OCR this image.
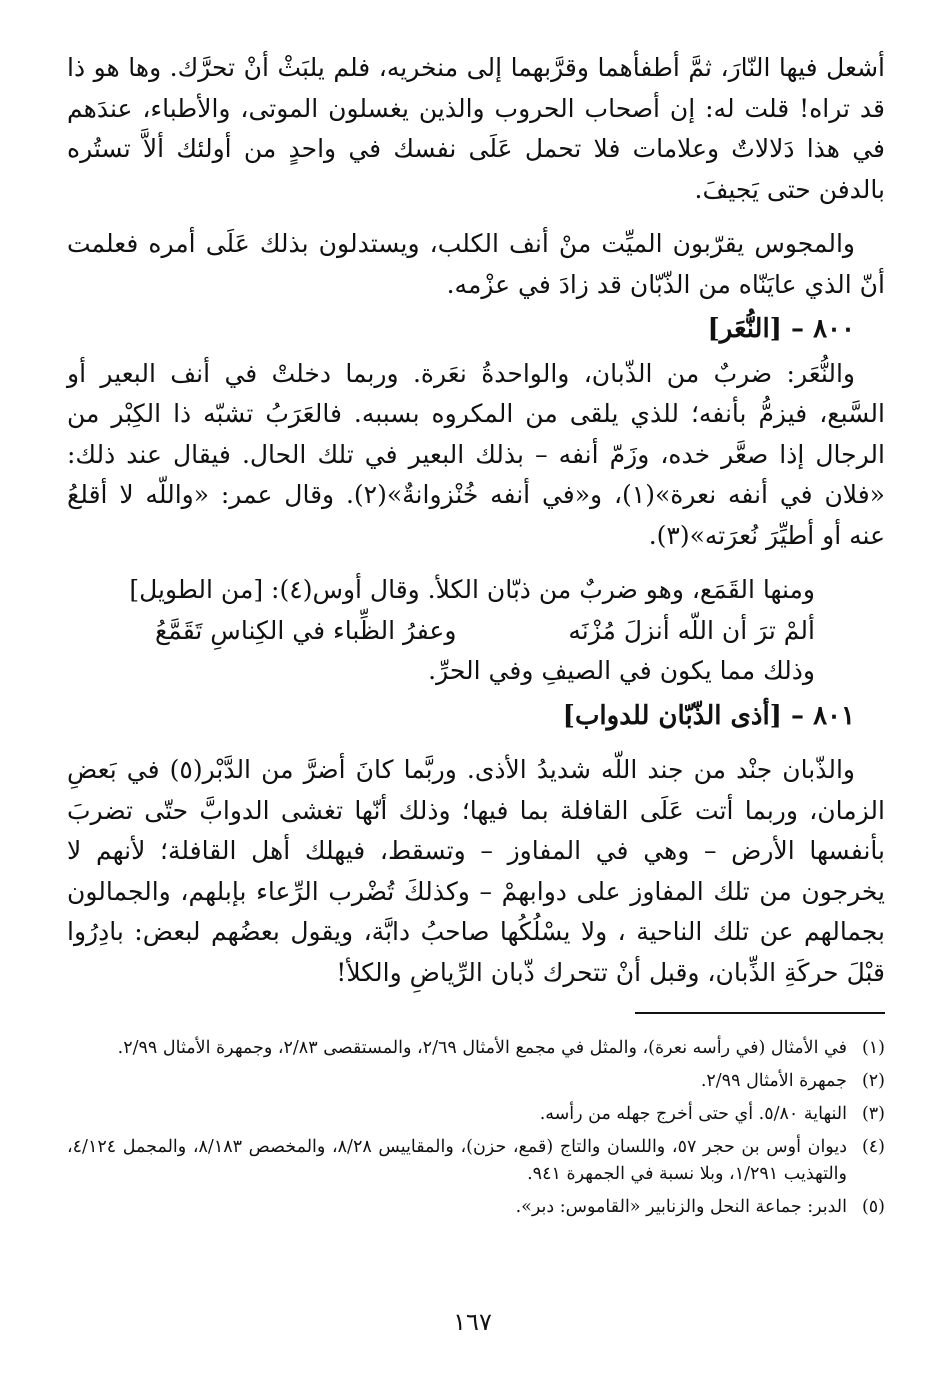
أشعل فيها النّارَ، ثمَّ أطفأهما وقرَّبهما إلى منخريه، فلم يلبَثْ أنْ تحرَّك. وها هو ذا قد تراه! قلت له: إن أصحاب الحروب والذين يغسلون الموتى، والأطباء، عندَهم في هذا دَلالاتٌ وعلامات فلا تحمل عَلَى نفسك في واحدٍ من أولئك ألاَّ تستُره بالدفن حتى يَجيفَ.

والمجوس يقرّبون الميِّت منْ أنف الكلب، ويستدلون بذلك عَلَى أمره فعلمت أنّ الذي عايَنّاه من الذّبّان قد زادَ في عزْمه.

٨٠٠ – [النُّعَر]

والنُّعَر: ضربٌ من الذّبان، والواحدةُ نعَرة. وربما دخلتْ في أنف البعير أو السَّبع، فيزمُّ بأنفه؛ للذي يلقى من المكروه بسببه. فالعَرَبُ تشبّه ذا الكِبْر من الرجال إذا صعَّر خده، وزَمّ أنفه – بذلك البعير في تلك الحال. فيقال عند ذلك: «فلان في أنفه نعرة»(١)، و«في أنفه خُنْزوانةٌ»(٢). وقال عمر: «واللّه لا أقلعُ عنه أو أطيِّرَ نُعرَته»(٣).

ومنها القَمَع، وهو ضربٌ من ذبّان الكلأ. وقال أوس(٤): [من الطويل]

ألمْ ترَ أن اللّه أنزلَ مُزْنَه
وعفرُ الظِّباء في الكِناسِ تَقَمَّعُ

وذلك مما يكون في الصيفِ وفي الحرِّ.

٨٠١ – [أذى الذّبّان للدواب]

والذّبان جنْد من جند اللّه شديدُ الأذى. وربَّما كانَ أضرَّ من الدَّبْر(٥) في بَعضِ الزمان، وربما أتت عَلَى القافلة بما فيها؛ وذلك أنّها تغشى الدوابَّ حتّى تضربَ بأنفسها الأرض – وهي في المفاوز – وتسقط، فيهلك أهل القافلة؛ لأنهم لا يخرجون من تلك المفاوز على دوابهمْ – وكذلكَ تُضْرب الرِّعاء بإبلهم، والجمالون بجمالهم عن تلك الناحية ، ولا يسْلُكُها صاحبُ دابَّة، ويقول بعضُهم لبعض: بادِرُوا قبْلَ حركَةِ الذِّبان، وقبل أنْ تتحرك ذّبان الرِّياضِ والكلأ!

(١)
في الأمثال (في رأسه نعرة)، والمثل في مجمع الأمثال ٢/٦٩، والمستقصى ٢/٨٣، وجمهرة الأمثال ٢/٩٩.
(٢)
جمهرة الأمثال ٢/٩٩.
(٣)
النهاية ٥/٨٠. أي حتى أخرج جهله من رأسه.
(٤)
ديوان أوس بن حجر ٥٧، واللسان والتاج (قمع، حزن)، والمقاييس ٨/٢٨، والمخصص ٨/١٨٣، والمجمل ٤/١٢٤، والتهذيب ١/٢٩١، وبلا نسبة في الجمهرة ٩٤١.
(٥)
الدبر: جماعة النحل والزنابير «القاموس: دبر».
١٦٧
